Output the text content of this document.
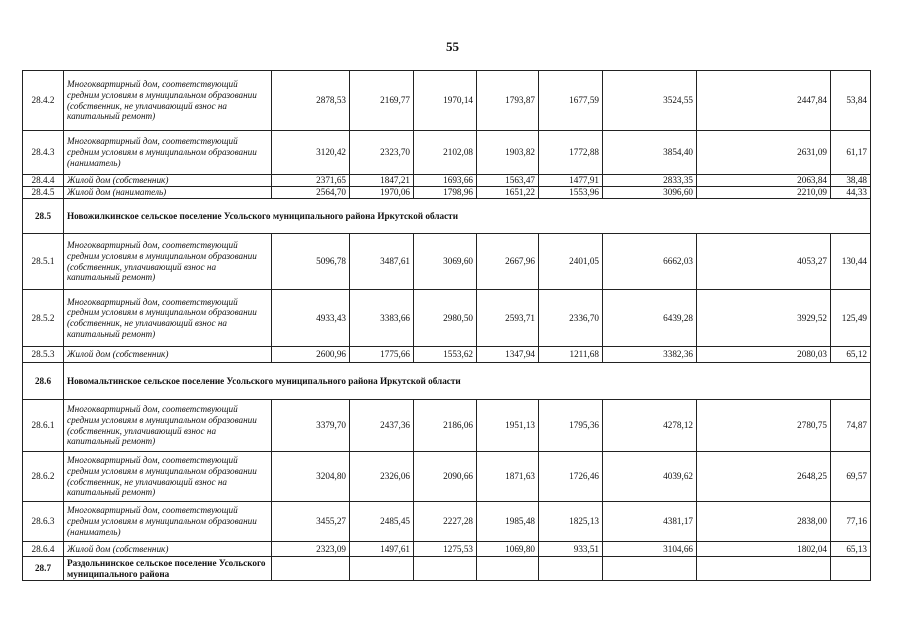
55
28.4.2	Многоквартирный дом, соответствующий средним условиям в муниципальном образовании (собственник, не уплачивающий взнос на капитальный ремонт)	2878,53	2169,77	1970,14	1793,87	1677,59	3524,55	2447,84	53,84
28.4.3	Многоквартирный дом, соответствующий средним условиям в муниципальном образовании (наниматель)	3120,42	2323,70	2102,08	1903,82	1772,88	3854,40	2631,09	61,17
28.4.4	Жилой дом (собственник)	2371,65	1847,21	1693,66	1563,47	1477,91	2833,35	2063,84	38,48
28.4.5	Жилой дом (наниматель)	2564,70	1970,06	1798,96	1651,22	1553,96	3096,60	2210,09	44,33
28.5	Новожилкинское сельское поселение Усольского муниципального района Иркутской области								
28.5.1	Многоквартирный дом, соответствующий средним условиям в муниципальном образовании (собственник, уплачивающий взнос на капитальный ремонт)	5096,78	3487,61	3069,60	2667,96	2401,05	6662,03	4053,27	130,44
28.5.2	Многоквартирный дом, соответствующий средним условиям в муниципальном образовании (собственник, не уплачивающий взнос на капитальный ремонт)	4933,43	3383,66	2980,50	2593,71	2336,70	6439,28	3929,52	125,49
28.5.3	Жилой дом (собственник)	2600,96	1775,66	1553,62	1347,94	1211,68	3382,36	2080,03	65,12
28.6	Новомальтинское сельское поселение Усольского муниципального района Иркутской области								
28.6.1	Многоквартирный дом, соответствующий средним условиям в муниципальном образовании (собственник, уплачивающий взнос на капитальный ремонт)	3379,70	2437,36	2186,06	1951,13	1795,36	4278,12	2780,75	74,87
28.6.2	Многоквартирный дом, соответствующий средним условиям в муниципальном образовании (собственник, не уплачивающий взнос на капитальный ремонт)	3204,80	2326,06	2090,66	1871,63	1726,46	4039,62	2648,25	69,57
28.6.3	Многоквартирный дом, соответствующий средним условиям в муниципальном образовании (наниматель)	3455,27	2485,45	2227,28	1985,48	1825,13	4381,17	2838,00	77,16
28.6.4	Жилой дом (собственник)	2323,09	1497,61	1275,53	1069,80	933,51	3104,66	1802,04	65,13
28.7	Раздольнинское сельское поселение Усольского муниципального района								
